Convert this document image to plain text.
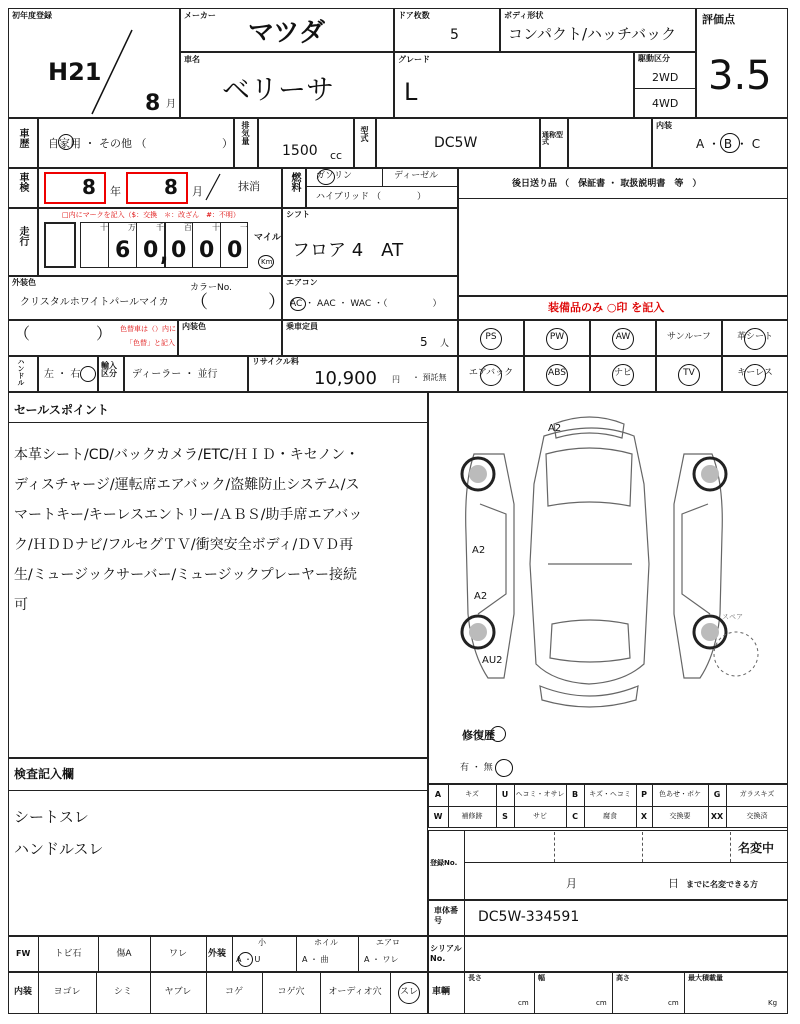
初年度登録
H21
8 月
メーカー
マツダ
ドア枚数
5
ボディ形状
コンパクト/ハッチバック
評価点
3.5
車名
ベリーサ
グレード
L
駆動区分
2WD
4WD
車歴 自家用 ・ その他 （	） 排気量
1500 cc
型式
DC5W	通称型式
内装
A ・ B ・ C
車検	8 年 8 月	抹消	燃料 ガソリン	ディーゼル
ハイブリッド （　　　　）
後日送り品 （　保証書 ・ 取扱説明書　等　）
走行
□内にマークを記入（$：交換　＊：改ざん　#：不明）
十	万	千	百	十	一
6 0 , 0 0 0 マイル
Km
シフト
フロア 4　AT
外装色
クリスタルホワイトパールマイカ
カラーNo.
（	）
エアコン
AC ・ AAC ・ WAC ・（　　　　　）	装備品のみ ○印 を記入
（	） 色替車は（）内に
「色替」と記入
内装色	乗車定員
5 人
PS	PW	AW	サンルーフ	革シート
エアバック	ABS	ナビ	TV	キーレス
ハンドル 左 ・ 右
輸入区分	ディーラー ・ 並行
リサイクル料
10,900 円 ・ 預託無
セールスポイント
本革シート/CD/バックカメラ/ETC/ＨＩＤ・キセノン・
ディスチャージ/運転席エアバック/盗難防止システム/ス
マートキー/キーレスエントリー/ＡＢＳ/助手席エアバッ
ク/ＨＤＤナビ/フルセグＴＶ/衝突安全ボディ/ＤＶＤ再
生/ミュージックサーバー/ミュージックプレーヤー接続
可
A2
A2
A2
AU2
スペア
修復歴
有 ・ 無
A	キズ	U	ヘコミ・オサレ B	キズ・ヘコミ	P	色あせ・ボケ	G	ガラスキズ
W	補修跡	S	サビ	C	腐食	X	交換要	XX	交換済
検査記入欄
シートスレ
ハンドルスレ
登録No.
名変中
月	日 までに名変できる方
車体番号	DC5W-334591
シリアルNo.
車輌
長さ
cm
幅
cm
高さ
cm
最大積載量
Kg
FW	トビ石	傷A	ワレ	外装
小	ホイル	エアロ
A ・ U	A ・ 曲	A ・ ワレ
内装	ヨゴレ	シミ	ヤブレ	コゲ	コゲ穴	オーディオ穴	スレ
